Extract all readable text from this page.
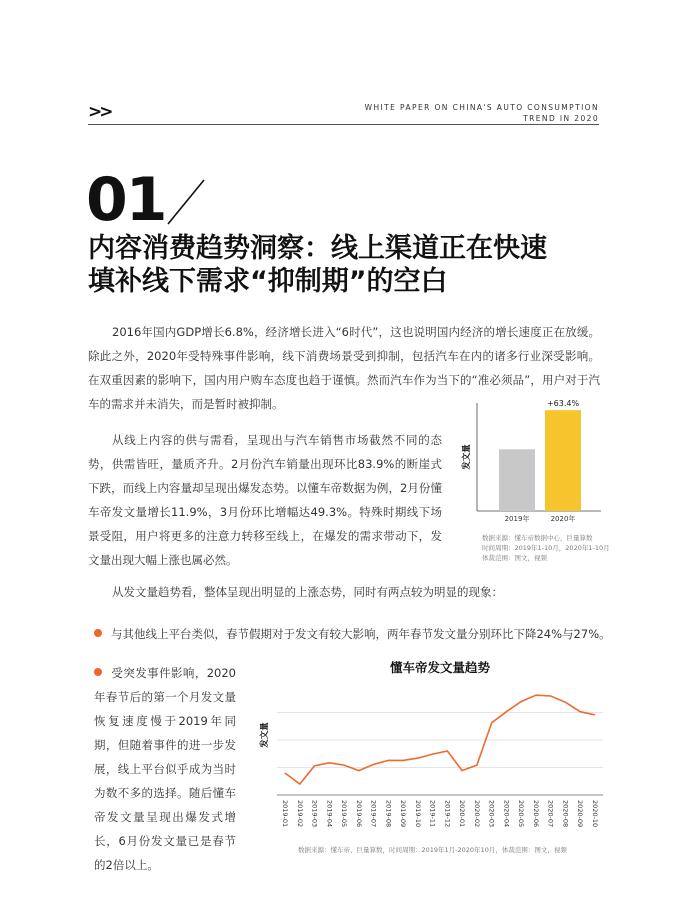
>>	WHITE PAPER ON CHINA'S AUTO CONSUMPTION
TREND IN 2020
01
内容消费趋势洞察：线上渠道正在快速
填补线下需求“抑制期”的空白
2016年国内GDP增长6.8%，经济增长进入“6时代”，这也说明国内经济的增长速度正在放缓。除此之外，2020年受特殊事件影响，线下消费场景受到抑制，包括汽车在内的诸多行业深受影响。在双重因素的影响下，国内用户购车态度也趋于谨慎。然而汽车作为当下的“准必须品”，用户对于汽车的需求并未消失，而是暂时被抑制。
从线上内容的供与需看，呈现出与汽车销售市场截然不同的态势，供需皆旺，量质齐升。2月份汽车销量出现环比83.9%的断崖式下跌，而线上内容量却呈现出爆发态势。以懂车帝数据为例，2月份懂车帝发文量增长11.9%，3月份环比增幅达49.3%。特殊时期线下场景受阻，用户将更多的注意力转移至线上，在爆发的需求带动下，发文量出现大幅上涨也属必然。
发文量
2019年	2020年
+63.4%
数据来源：懂车帝数据中心，巨量算数
时间周期：2019年1-10月，2020年1-10月
体裁范围：图文，视频
从发文量趋势看，整体呈现出明显的上涨态势，同时有两点较为明显的现象：
与其他线上平台类似，春节假期对于发文有较大影响，两年春节发文量分别环比下降24%与27%。
受突发事件影响，2020年春节后的第一个月发文量恢复速度慢于2019年同期，但随着事件的进一步发展，线上平台似乎成为当时为数不多的选择。随后懂车帝发文量呈现出爆发式增长，6月份发文量已是春节的2倍以上。
懂车帝发文量趋势
发文量
2019-01 2019-02 2019-03 2019-04 2019-05 2019-06 2019-07 2019-08 2019-09 2019-10 2019-11 2019-12 2020-01 2020-02 2020-03 2020-04 2020-05 2020-06 2020-07 2020-08 2020-09 2020-10
数据来源：懂车帝、巨量算数，时间周期：2019年1月-2020年10月，体裁范围：图文，视频
